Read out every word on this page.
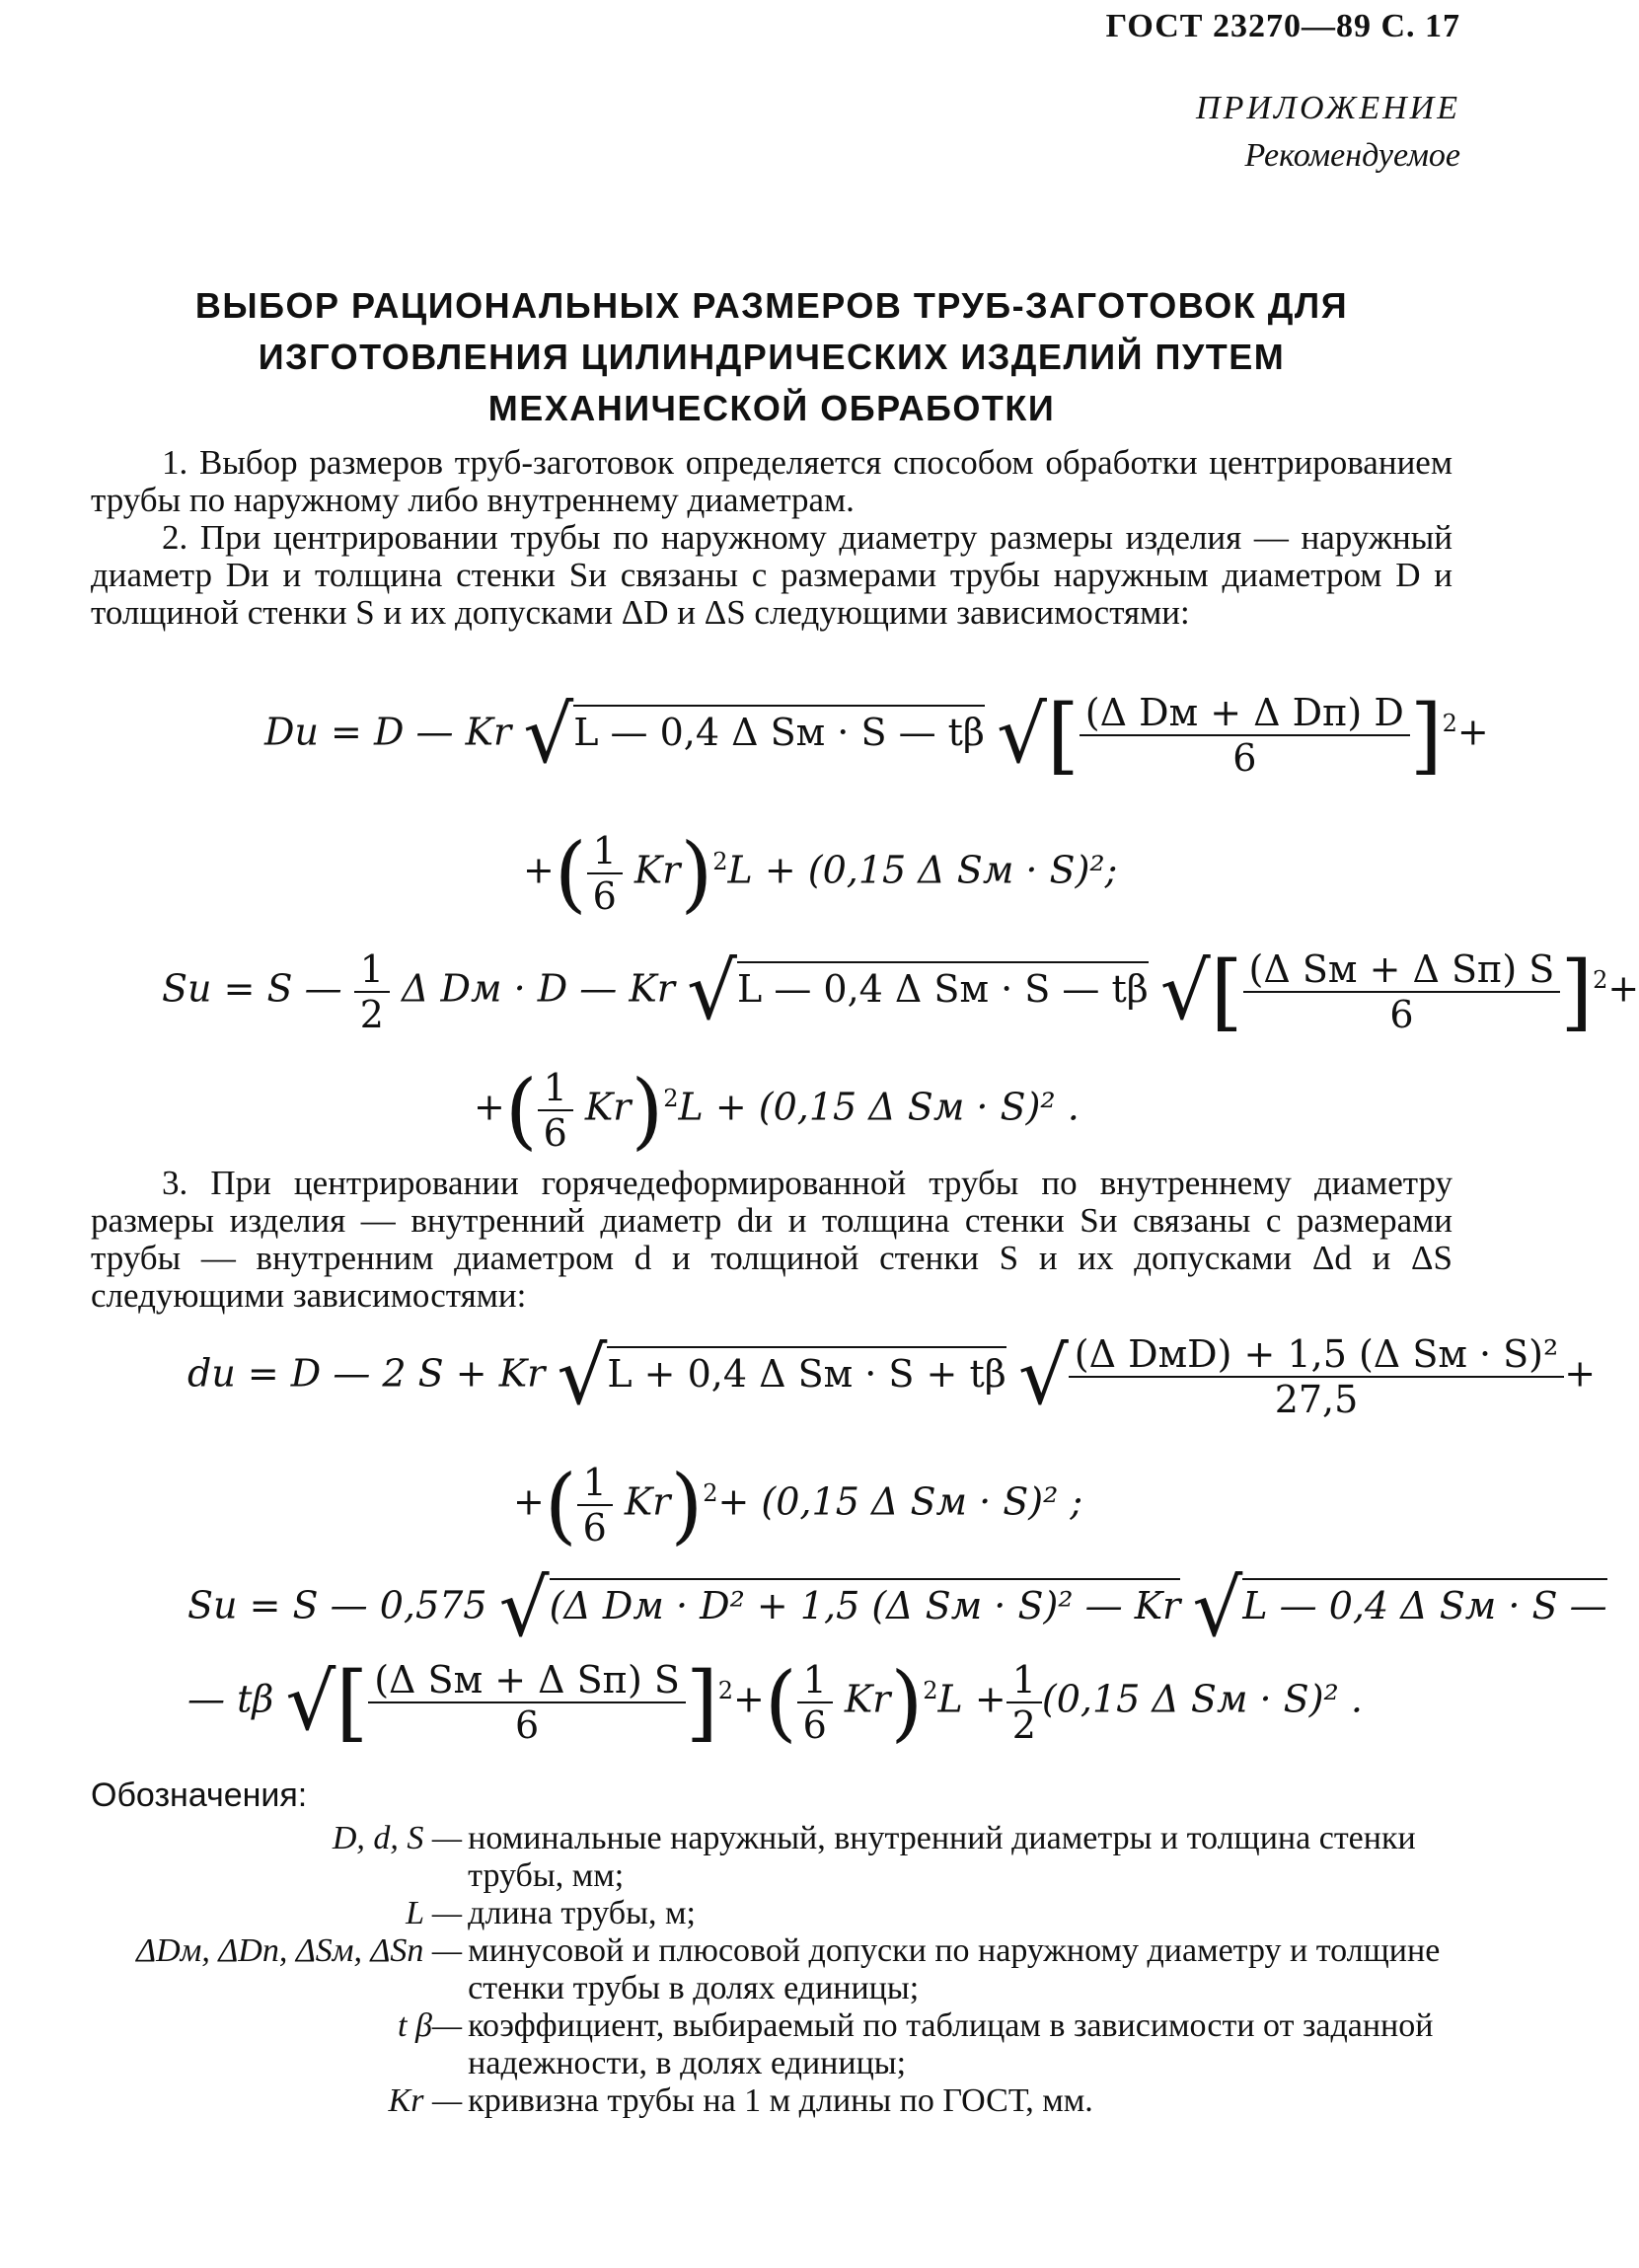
ГОСТ 23270—89 С. 17
ПРИЛОЖЕНИЕ
Рекомендуемое
ВЫБОР РАЦИОНАЛЬНЫХ РАЗМЕРОВ ТРУБ-ЗАГОТОВОК ДЛЯ
ИЗГОТОВЛЕНИЯ ЦИЛИНДРИЧЕСКИХ ИЗДЕЛИЙ ПУТЕМ
МЕХАНИЧЕСКОЙ ОБРАБОТКИ

1. Выбор размеров труб-заготовок определяется способом обработки центрированием трубы по наружному либо внутреннему диаметрам.

2. При центрировании трубы по наружному диаметру размеры изделия — наружный диаметр Dи и толщина стенки Sи связаны с размерами трубы наружным диаметром D и толщиной стенки S и их допусками ΔD и ΔS следующими зависимостями:

Dи = D — Kr √L — 0,4 Δ Sм · S — tβ √[ $\frac{\text{(Δ Dм + Δ Dп) D}}{6} ]^2+$
+( $\frac{1}{6} Kr)^2L + (0,15$ Δ Sм · S)²;
Sи = S — $\frac{1}{2}$ Δ Dм · D — Kr √L — 0,4 Δ Sм · S — tβ √[ $\frac{\text{(Δ Sм + Δ Sп) S}}{6} ]^2+$
+( $\frac{1}{6} Kr)^2L + (0,15$ Δ Sм · S)² .

3. При центрировании горячедеформированной трубы по внутреннему диаметру размеры изделия — внутренний диаметр dи и толщина стенки Sи связаны с размерами трубы — внутренним диаметром d и толщиной стенки S и их допусками Δd и ΔS следующими зависимостями:

dи = D — 2 S + Kr √L + 0,4 Δ Sм · S + tβ √ $\frac{\text{(Δ DмD) + 1,5 (Δ Sм · S)²}}{27,5}$ +
+( $\frac{1}{6} Kr)^2+ (0,15$ Δ Sм · S)² ;
Sи = S — 0,575 √(Δ Dм · D² + 1,5 (Δ Sм · S)² — Kr √L — 0,4 Δ Sм · S —
— tβ √[ $\frac{\text{(Δ Sм + Δ Sп) S}}{6} ]^2+( \frac{1}{6} Kr)^2L + \frac{1}{2} (0,15$ Δ Sм · S)² .
Обозначения:
D, d, S — номинальные наружный, внутренний диаметры и толщина стенки трубы, мм;
L — длина трубы, м;
ΔDм, ΔDп, ΔSм, ΔSп — минусовой и плюсовой допуски по наружному диаметру и толщине стенки трубы в долях единицы;
t β— коэффициент, выбираемый по таблицам в зависимости от заданной надежности, в долях единицы;
Kr — кривизна трубы на 1 м длины по ГОСТ, мм.
